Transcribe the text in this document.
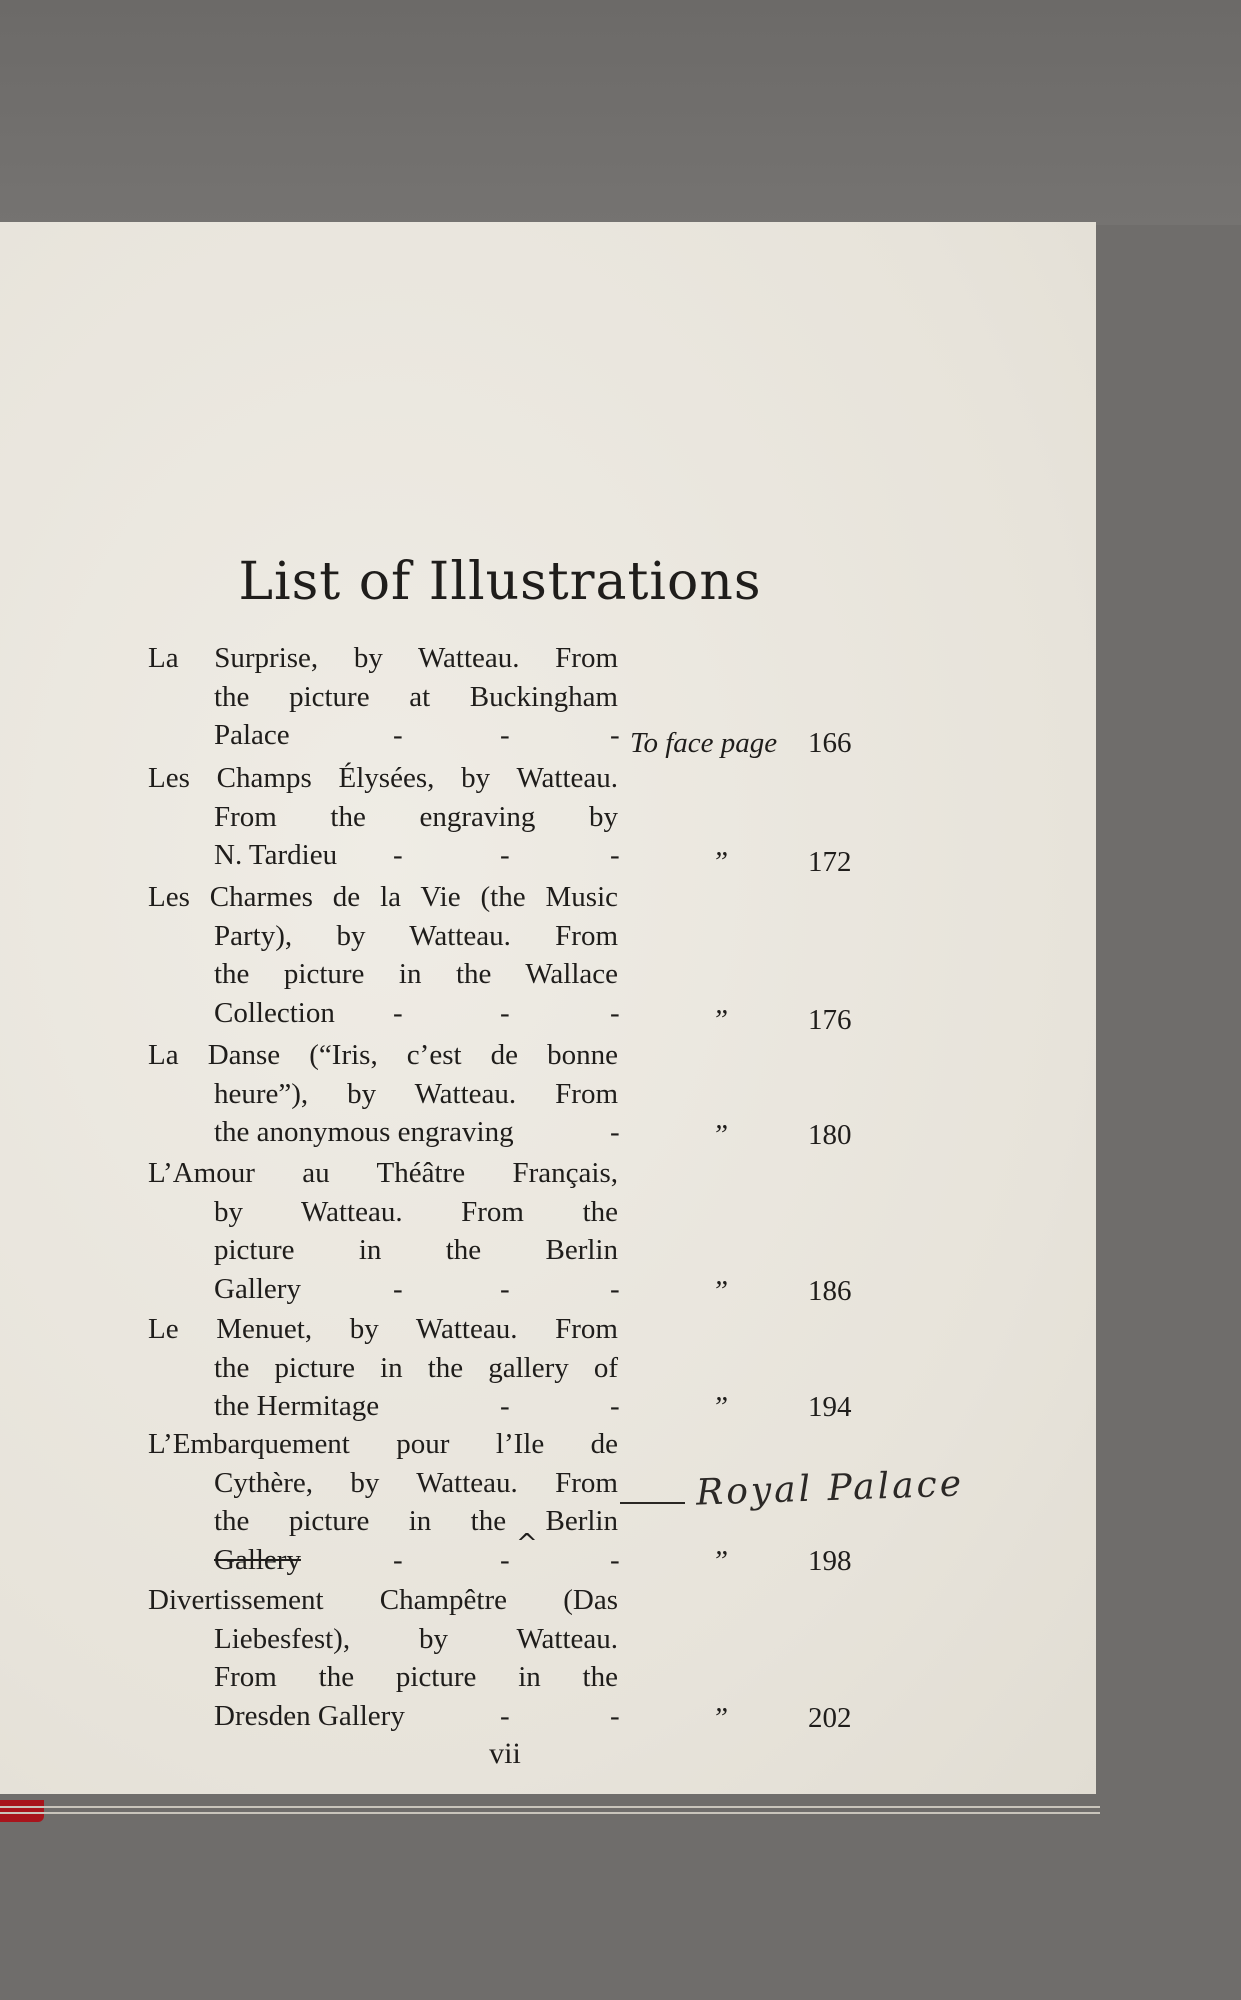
List of Illustrations
La Surprise, by Watteau. From
the picture at Buckingham
Palace	-	-	- To face page 166
Les Champs Élysées, by Watteau.
From the engraving by
N. Tardieu -	-	-	”	172
Les Charmes de la Vie (the Music
Party), by Watteau. From
the picture in the Wallace
Collection -	-	-	”	176
La Danse (“Iris, c’est de bonne
heure”), by Watteau. From
the anonymous engraving	-	”	180
L’Amour au Théâtre Français,
by Watteau. From the
picture in the Berlin
Gallery	-	-	-	”	186
Le Menuet, by Watteau. From
the picture in the gallery of
the Hermitage	-	-	”	194
L’Embarquement pour l’Ile de
Cythère, by Watteau. From
the picture in the Berlin
Gallery	-	-	-	”	198
^
Royal Palace
Divertissement Champêtre (Das
Liebesfest), by Watteau.
From the picture in the
Dresden Gallery	-	-	”	202
vii
